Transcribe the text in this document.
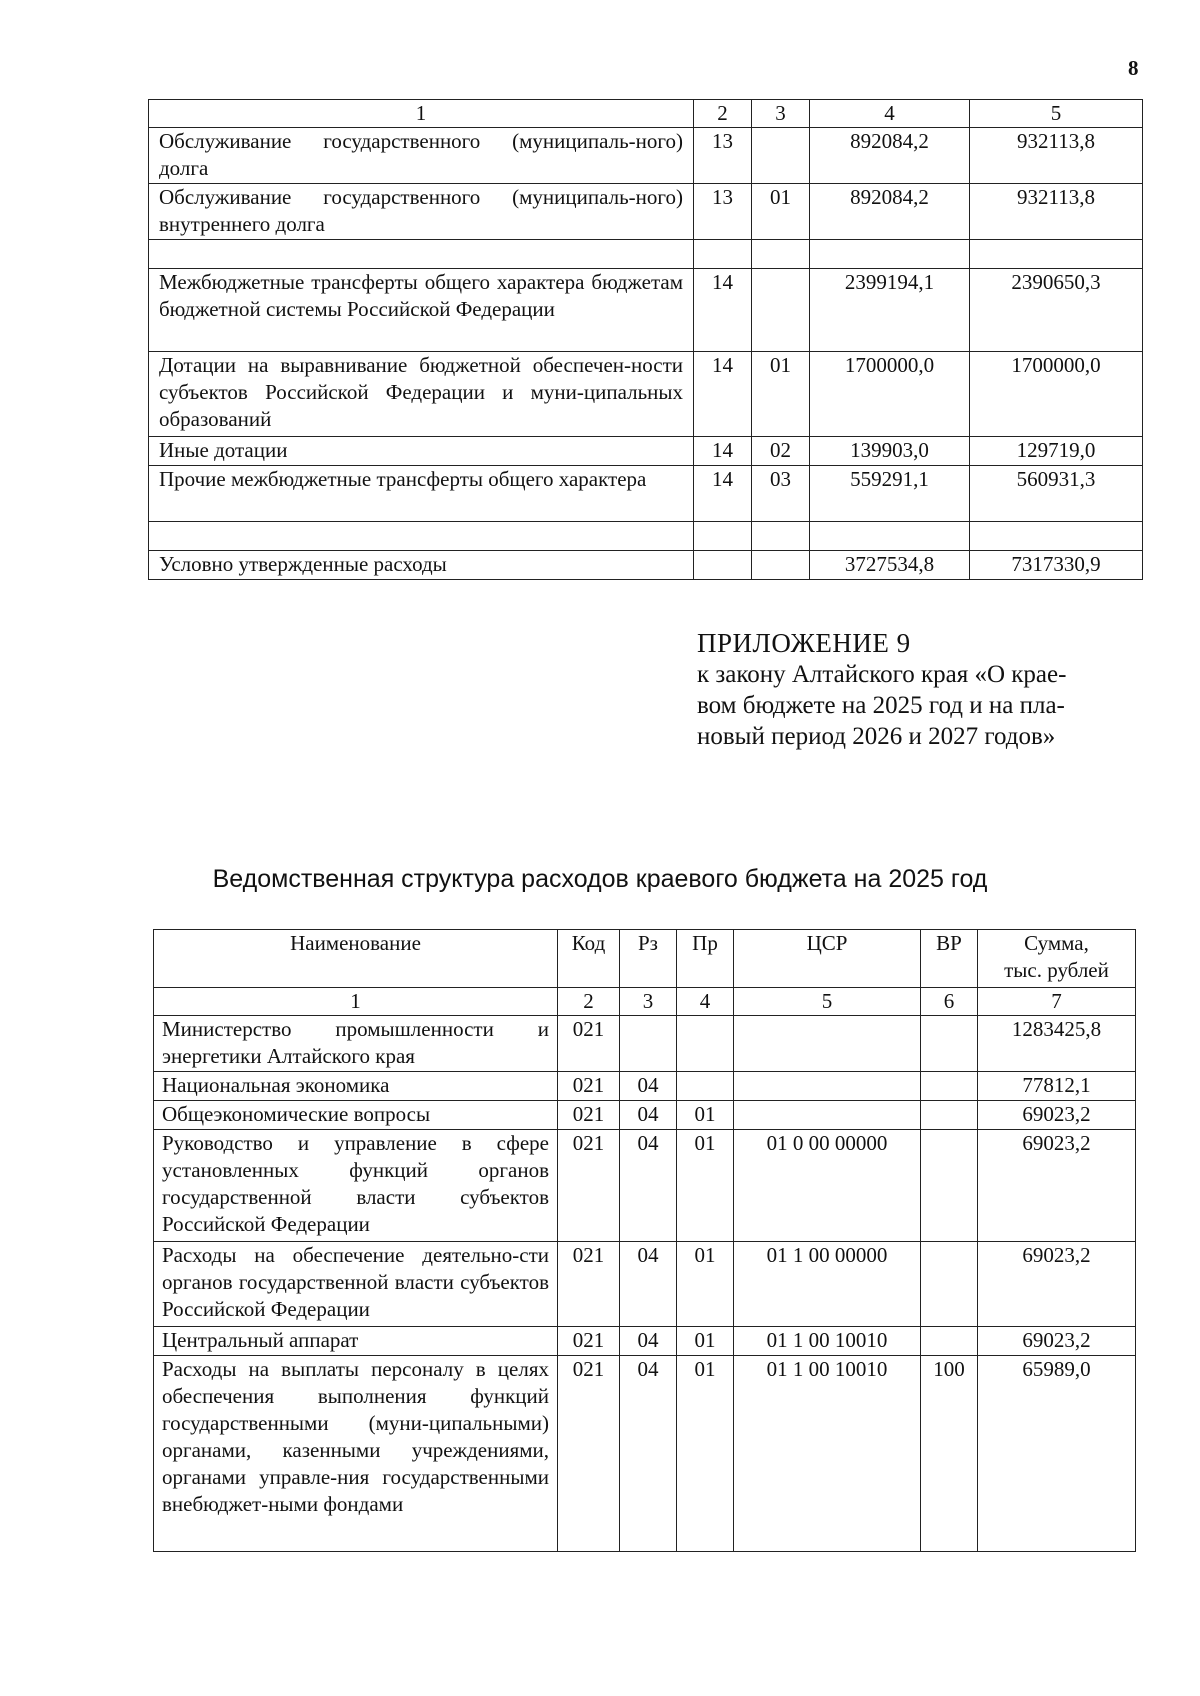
8
1	2	3	4	5
Обслуживание государственного (муниципаль-ного) долга	13		892084,2	932113,8
Обслуживание государственного (муниципаль-ного) внутреннего долга	13	01	892084,2	932113,8

Межбюджетные трансферты общего характера бюджетам бюджетной системы Российской Федерации	14		2399194,1	2390650,3
Дотации на выравнивание бюджетной обеспечен-ности субъектов Российской Федерации и муни-ципальных образований	14	01	1700000,0	1700000,0
Иные дотации	14	02	139903,0	129719,0
Прочие межбюджетные трансферты общего характера	14	03	559291,1	560931,3

Условно утвержденные расходы			3727534,8	7317330,9
ПРИЛОЖЕНИЕ 9
к закону Алтайского края «О крае-
вом бюджете на 2025 год и на пла-
новый период 2026 и 2027 годов»
Ведомственная структура расходов краевого бюджета на 2025 год
Наименование	Код	Рз	Пр	ЦСР	ВР	Сумма,
тыс. рублей

1	2	3	4	5	6	7
Министерство промышленности и энергетики Алтайского края	021					1283425,8
Национальная экономика	021	04				77812,1
Общеэкономические вопросы	021	04	01			69023,2
Руководство и управление в сфере установленных функций органов государственной власти субъектов Российской Федерации	021	04	01	01 0 00 00000		69023,2
Расходы на обеспечение деятельно-сти органов государственной власти субъектов Российской Федерации	021	04	01	01 1 00 00000		69023,2
Центральный аппарат	021	04	01	01 1 00 10010		69023,2
Расходы на выплаты персоналу в целях обеспечения выполнения функций государственными (муни-ципальными) органами, казенными учреждениями, органами управле-ния государственными внебюджет-ными фондами	021	04	01	01 1 00 10010	100	65989,0
